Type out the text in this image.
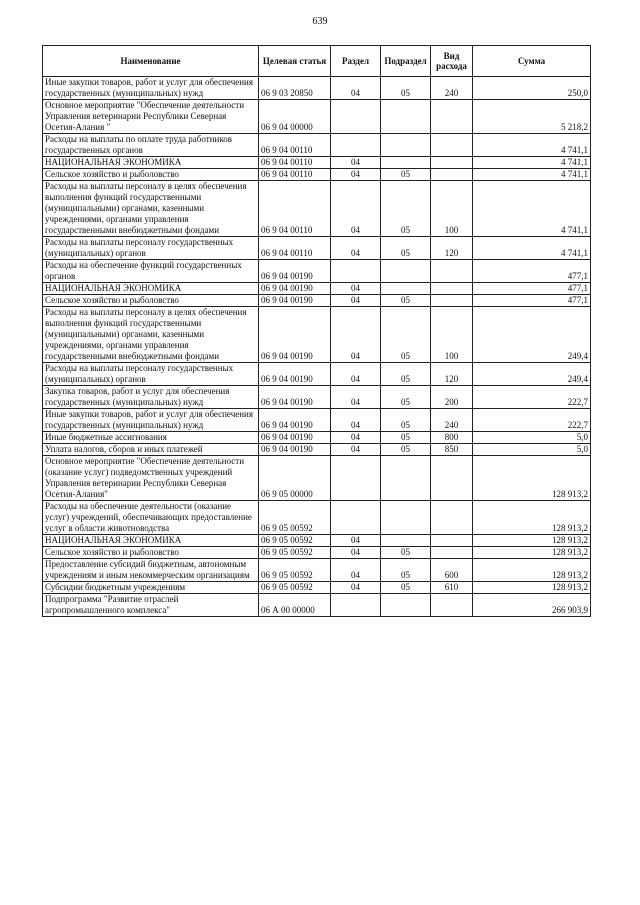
639
Наименование	Целевая статья	Раздел	Подраздел	Вид расхода	Сумма
Иные закупки товаров, работ и услуг для обеспечения государственных (муниципальных) нужд	06 9 03 20850	04	05	240	250,0
Основное мероприятие "Обеспечение деятельности Управления ветеринарии Республики Северная Осетия-Алания "	06 9 04 00000				5 218,2
Расходы на выплаты по оплате труда работников государственных органов	06 9 04 00110				4 741,1
НАЦИОНАЛЬНАЯ ЭКОНОМИКА	06 9 04 00110	04			4 741,1
Сельское хозяйство и рыболовство	06 9 04 00110	04	05		4 741,1
Расходы на выплаты персоналу в целях обеспечения выполнения функций государственными (муниципальными) органами, казенными учреждениями, органами управления государственными внебюджетными фондами	06 9 04 00110	04	05	100	4 741,1
Расходы на выплаты персоналу государственных (муниципальных) органов	06 9 04 00110	04	05	120	4 741,1
Расходы на обеспечение функций государственных органов	06 9 04 00190				477,1
НАЦИОНАЛЬНАЯ ЭКОНОМИКА	06 9 04 00190	04			477,1
Сельское хозяйство и рыболовство	06 9 04 00190	04	05		477,1
Расходы на выплаты персоналу в целях обеспечения выполнения функций государственными (муниципальными) органами, казенными учреждениями, органами управления государственными внебюджетными фондами	06 9 04 00190	04	05	100	249,4
Расходы на выплаты персоналу государственных (муниципальных) органов	06 9 04 00190	04	05	120	249,4
Закупка товаров, работ и услуг для обеспечения государственных (муниципальных) нужд	06 9 04 00190	04	05	200	222,7
Иные закупки товаров, работ и услуг для обеспечения государственных (муниципальных) нужд	06 9 04 00190	04	05	240	222,7
Иные бюджетные ассигнования	06 9 04 00190	04	05	800	5,0
Уплата налогов, сборов и иных платежей	06 9 04 00190	04	05	850	5,0
Основное мероприятие "Обеспечение деятельности (оказание услуг) подведомственных учреждений Управления ветеринарии Республики Северная Осетия-Алания"	06 9 05 00000				128 913,2
Расходы на обеспечение деятельности (оказание услуг) учреждений, обеспечивающих предоставление услуг в области животноводства	06 9 05 00592				128 913,2
НАЦИОНАЛЬНАЯ ЭКОНОМИКА	06 9 05 00592	04			128 913,2
Сельское хозяйство и рыболовство	06 9 05 00592	04	05		128 913,2
Предоставление субсидий бюджетным, автономным учреждениям и иным некоммерческим организациям	06 9 05 00592	04	05	600	128 913,2
Субсидии бюджетным учреждениям	06 9 05 00592	04	05	610	128 913,2
Подпрограмма "Развитие отраслей агропромышленного комплекса"	06 А 00 00000				266 903,9
